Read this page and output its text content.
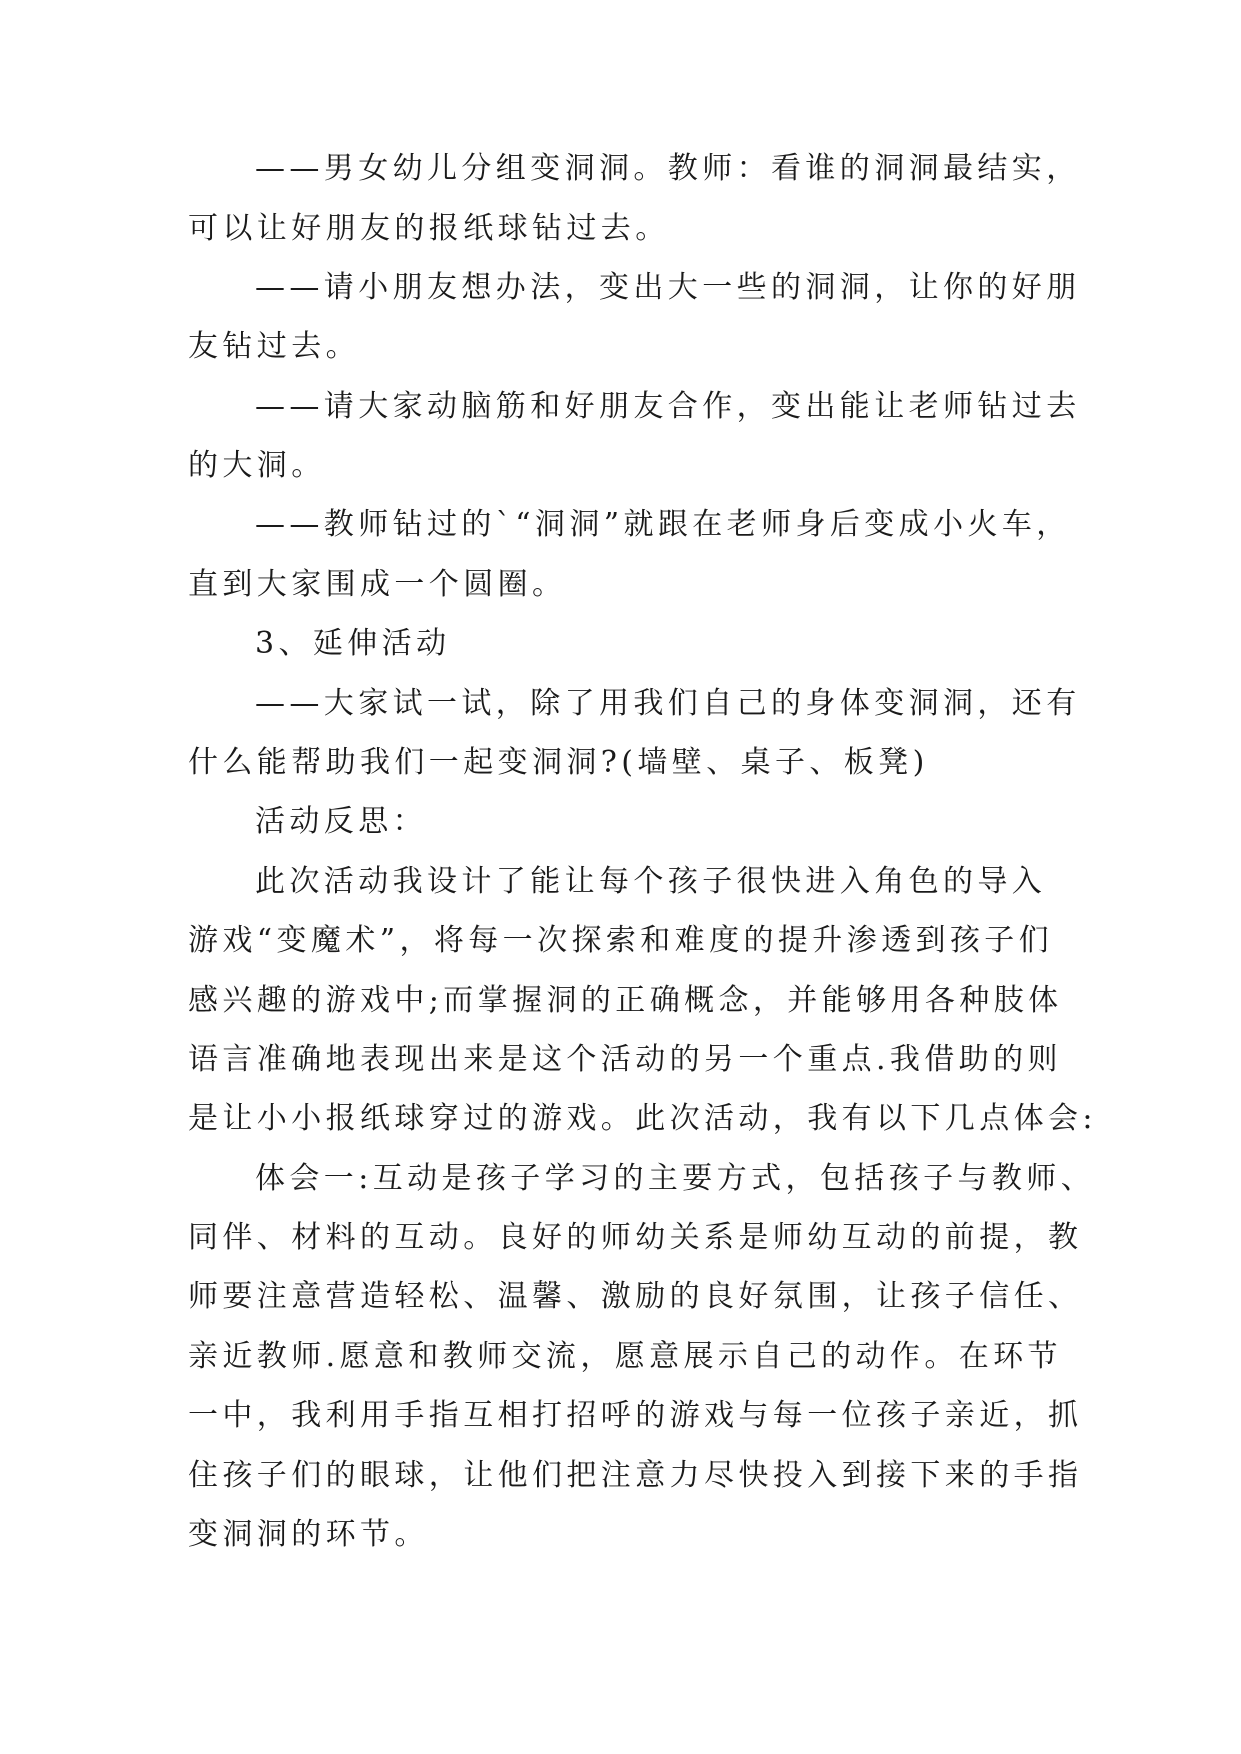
——男女幼儿分组变洞洞。教师：看谁的洞洞最结实，
可以让好朋友的报纸球钻过去。
——请小朋友想办法，变出大一些的洞洞，让你的好朋
友钻过去。
——请大家动脑筋和好朋友合作，变出能让老师钻过去
的大洞。
——教师钻过的`“洞洞”就跟在老师身后变成小火车，
直到大家围成一个圆圈。
3、延伸活动
——大家试一试，除了用我们自己的身体变洞洞，还有
什么能帮助我们一起变洞洞?(墙壁、桌子、板凳)
活动反思：
此次活动我设计了能让每个孩子很快进入角色的导入
游戏“变魔术”，将每一次探索和难度的提升渗透到孩子们
感兴趣的游戏中;而掌握洞的正确概念，并能够用各种肢体
语言准确地表现出来是这个活动的另一个重点.我借助的则
是让小小报纸球穿过的游戏。此次活动，我有以下几点体会:
体会一:互动是孩子学习的主要方式，包括孩子与教师、
同伴、材料的互动。良好的师幼关系是师幼互动的前提，教
师要注意营造轻松、温馨、激励的良好氛围，让孩子信任、
亲近教师.愿意和教师交流，愿意展示自己的动作。在环节
一中，我利用手指互相打招呼的游戏与每一位孩子亲近，抓
住孩子们的眼球，让他们把注意力尽快投入到接下来的手指
变洞洞的环节。
